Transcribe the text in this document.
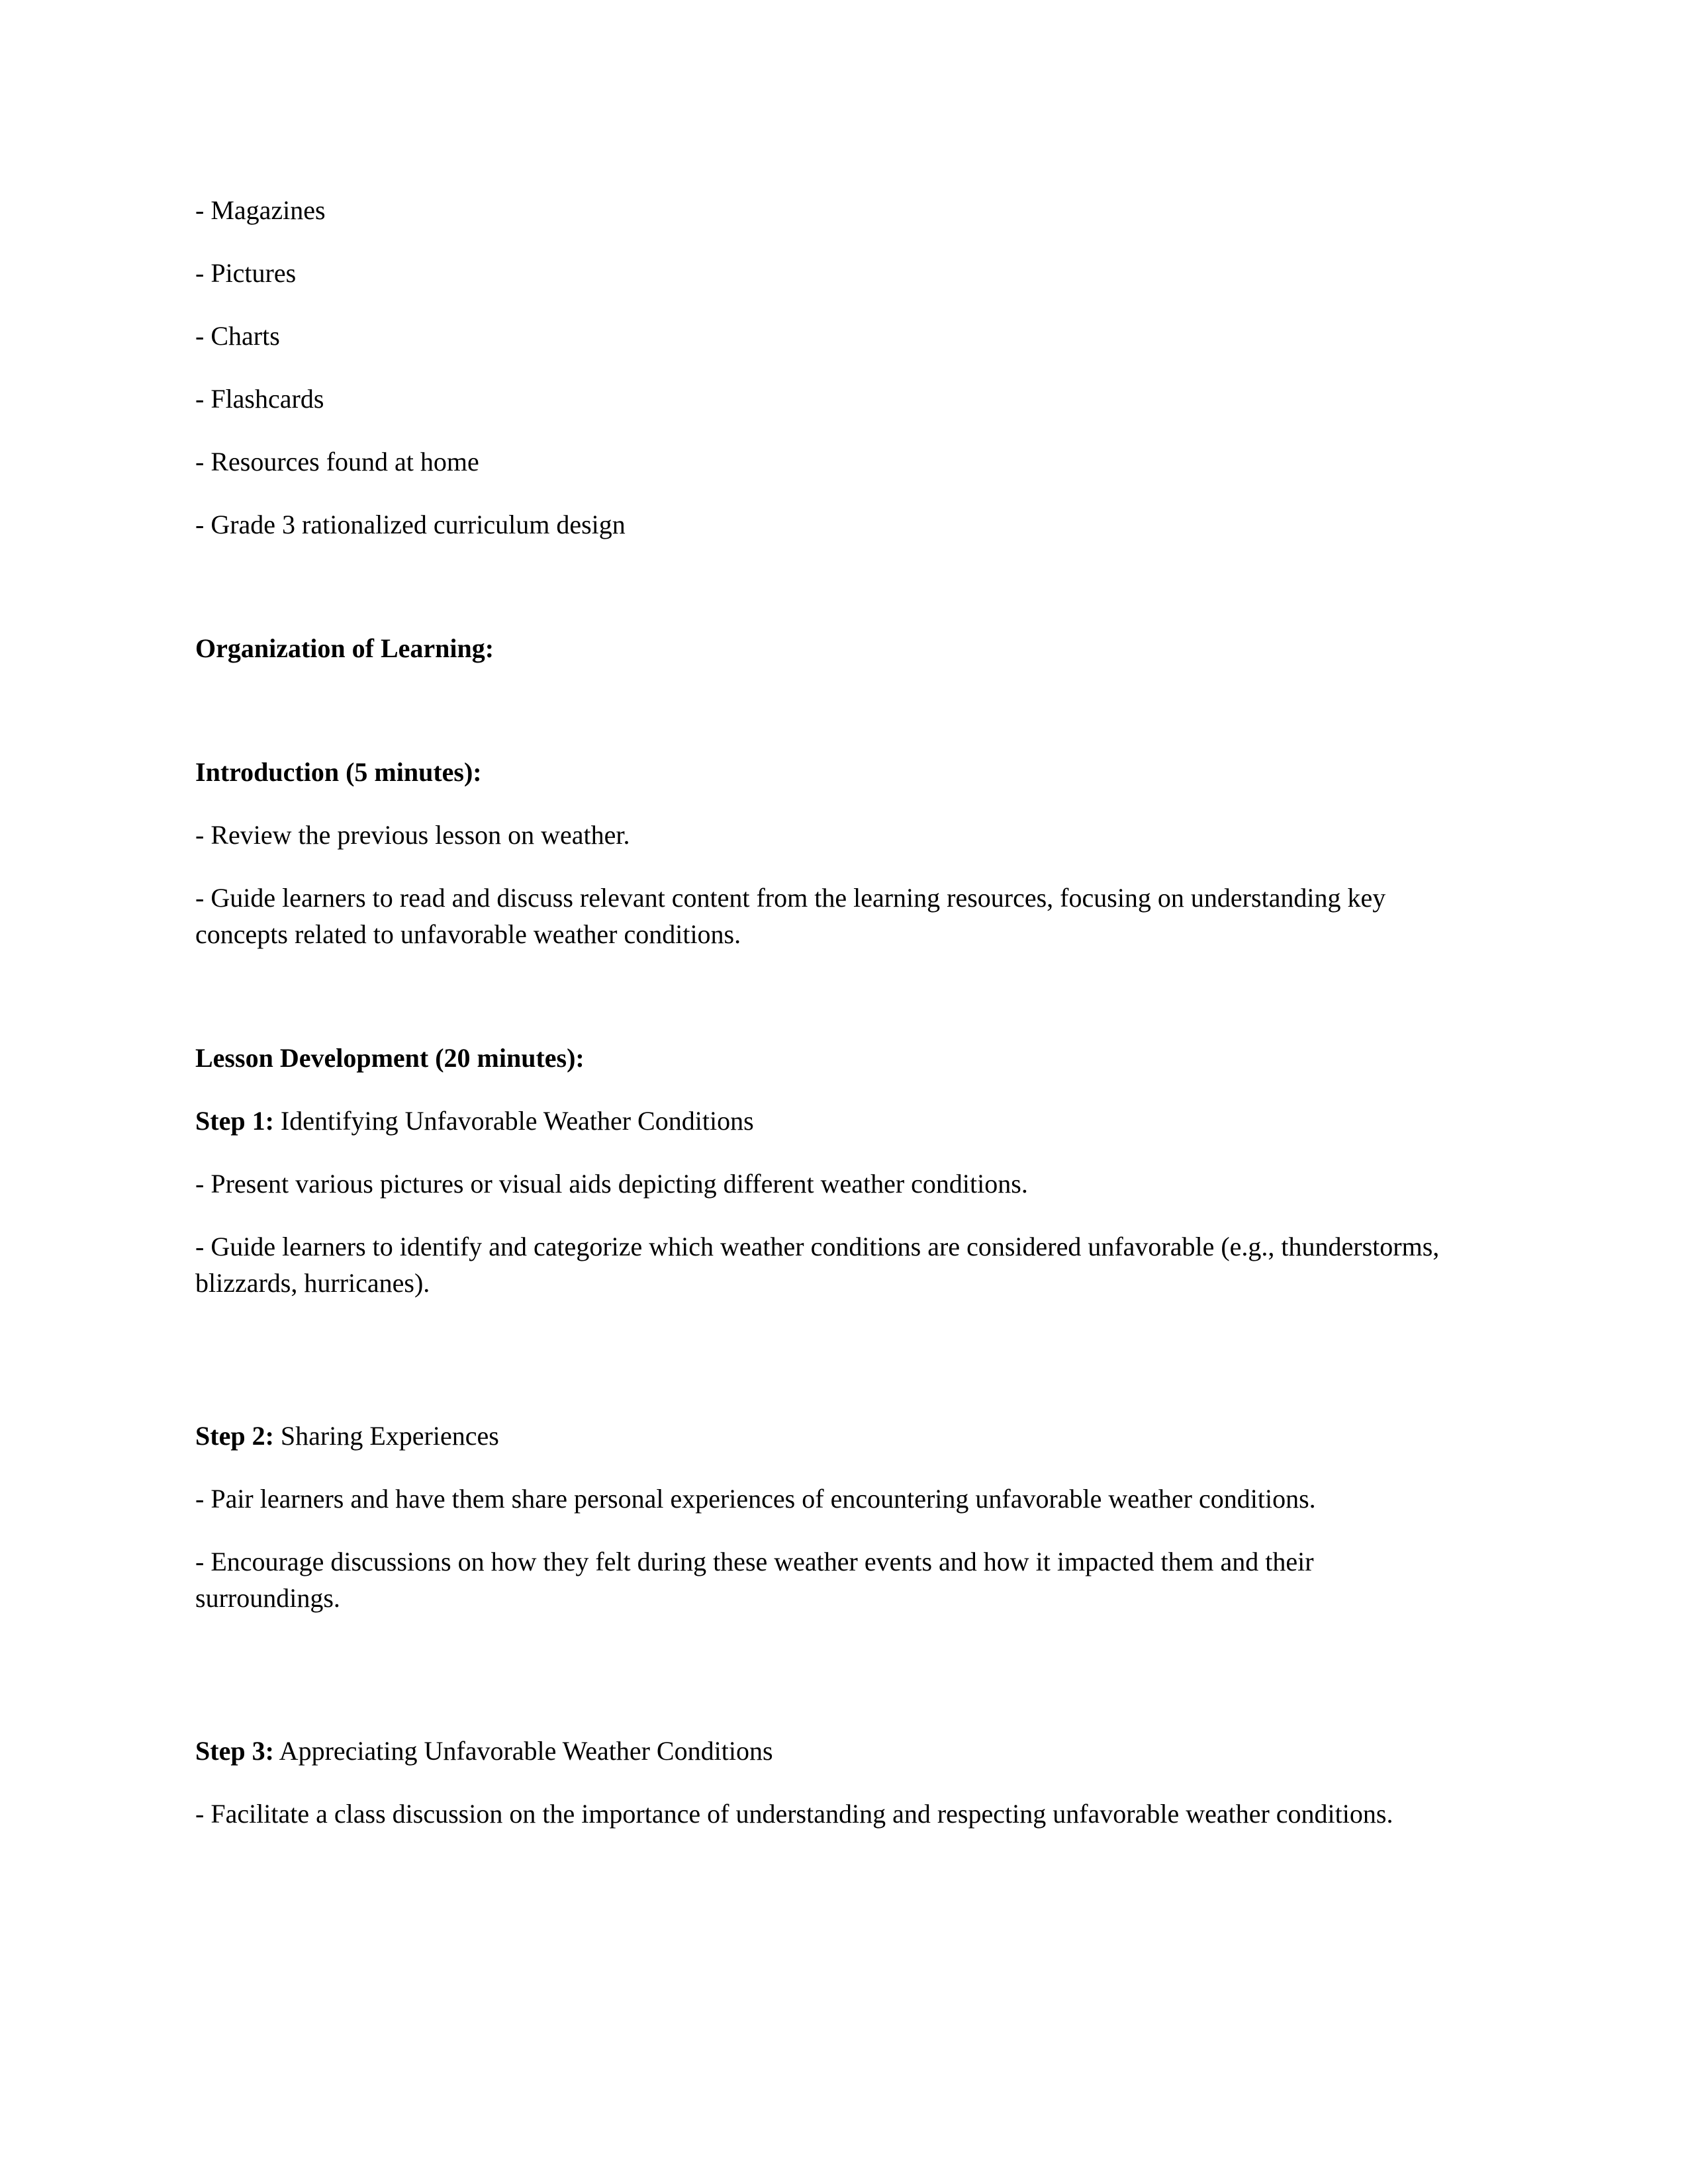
- Magazines

- Pictures

- Charts

- Flashcards

- Resources found at home

- Grade 3 rationalized curriculum design

Organization of Learning:

Introduction (5 minutes):

- Review the previous lesson on weather.

- Guide learners to read and discuss relevant content from the learning resources, focusing on understanding key concepts related to unfavorable weather conditions.

Lesson Development (20 minutes):

Step 1: Identifying Unfavorable Weather Conditions

- Present various pictures or visual aids depicting different weather conditions.

- Guide learners to identify and categorize which weather conditions are considered unfavorable (e.g., thunderstorms, blizzards, hurricanes).

Step 2: Sharing Experiences

- Pair learners and have them share personal experiences of encountering unfavorable weather conditions.

- Encourage discussions on how they felt during these weather events and how it impacted them and their surroundings.

Step 3: Appreciating Unfavorable Weather Conditions

- Facilitate a class discussion on the importance of understanding and respecting unfavorable weather conditions.
